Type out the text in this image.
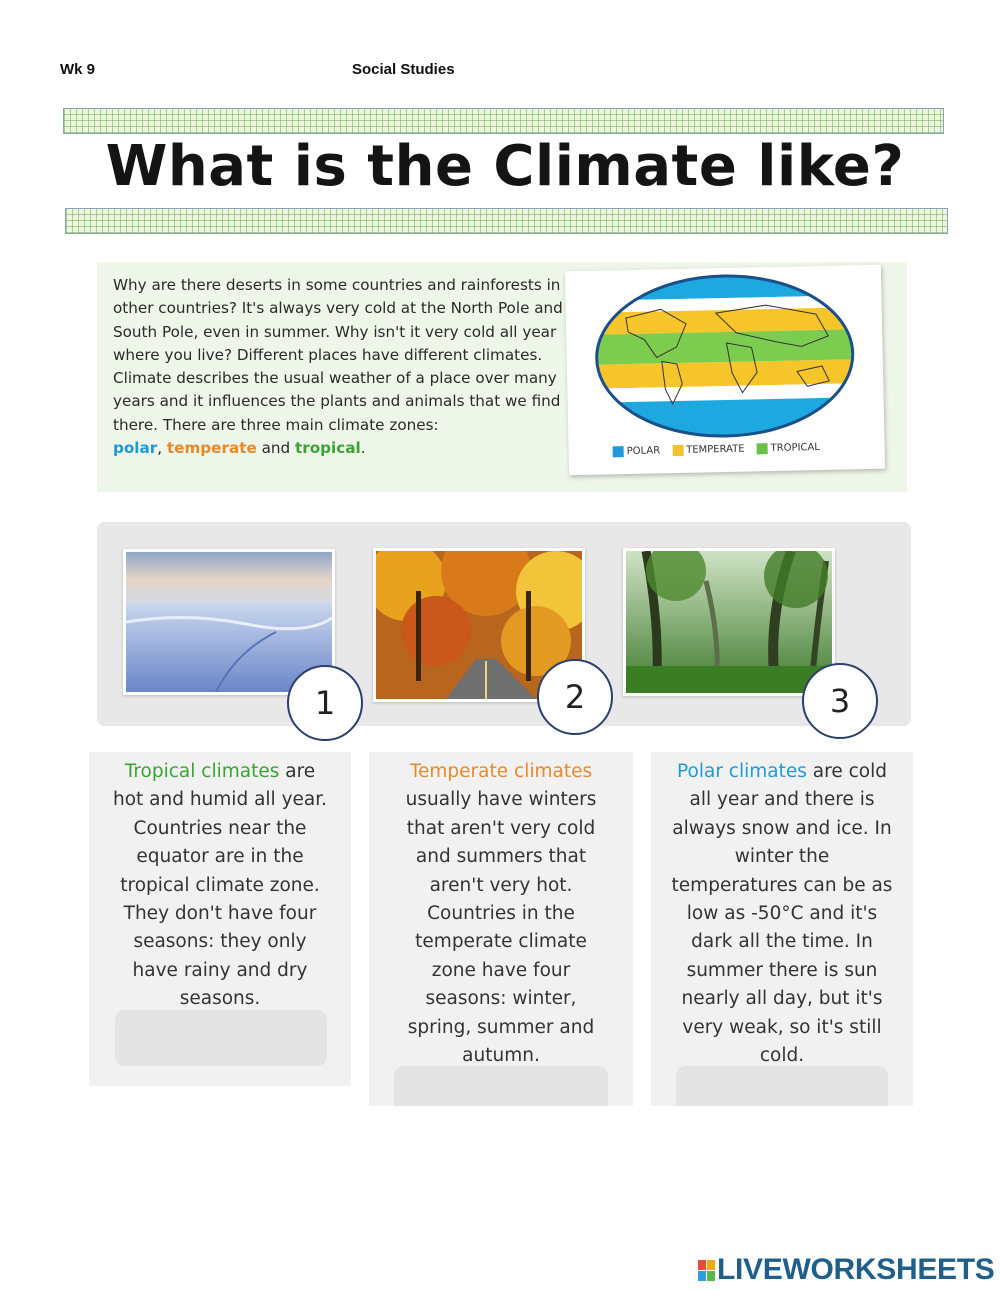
Wk 9	Social Studies
What is the Climate like?
Why are there deserts in some countries and rainforests in other countries? It's always very cold at the North Pole and South Pole, even in summer. Why isn't it very cold all year where you live? Different places have different climates. Climate describes the usual weather of a place over many years and it influences the plants and animals that we find there. There are three main climate zones:
polar, temperate and tropical.	POLAR	TEMPERATE	TROPICAL
1	2	3
Tropical climates are hot and humid all year. Countries near the equator are in the tropical climate zone. They don't have four seasons: they only have rainy and dry seasons.
Temperate climates usually have winters that aren't very cold and summers that aren't very hot. Countries in the temperate climate zone have four seasons: winter, spring, summer and autumn.
Polar climates are cold all year and there is always snow and ice. In winter the temperatures can be as low as -50°C and it's dark all the time. In summer there is sun nearly all day, but it's very weak, so it's still cold.
LIVEWORKSHEETS
